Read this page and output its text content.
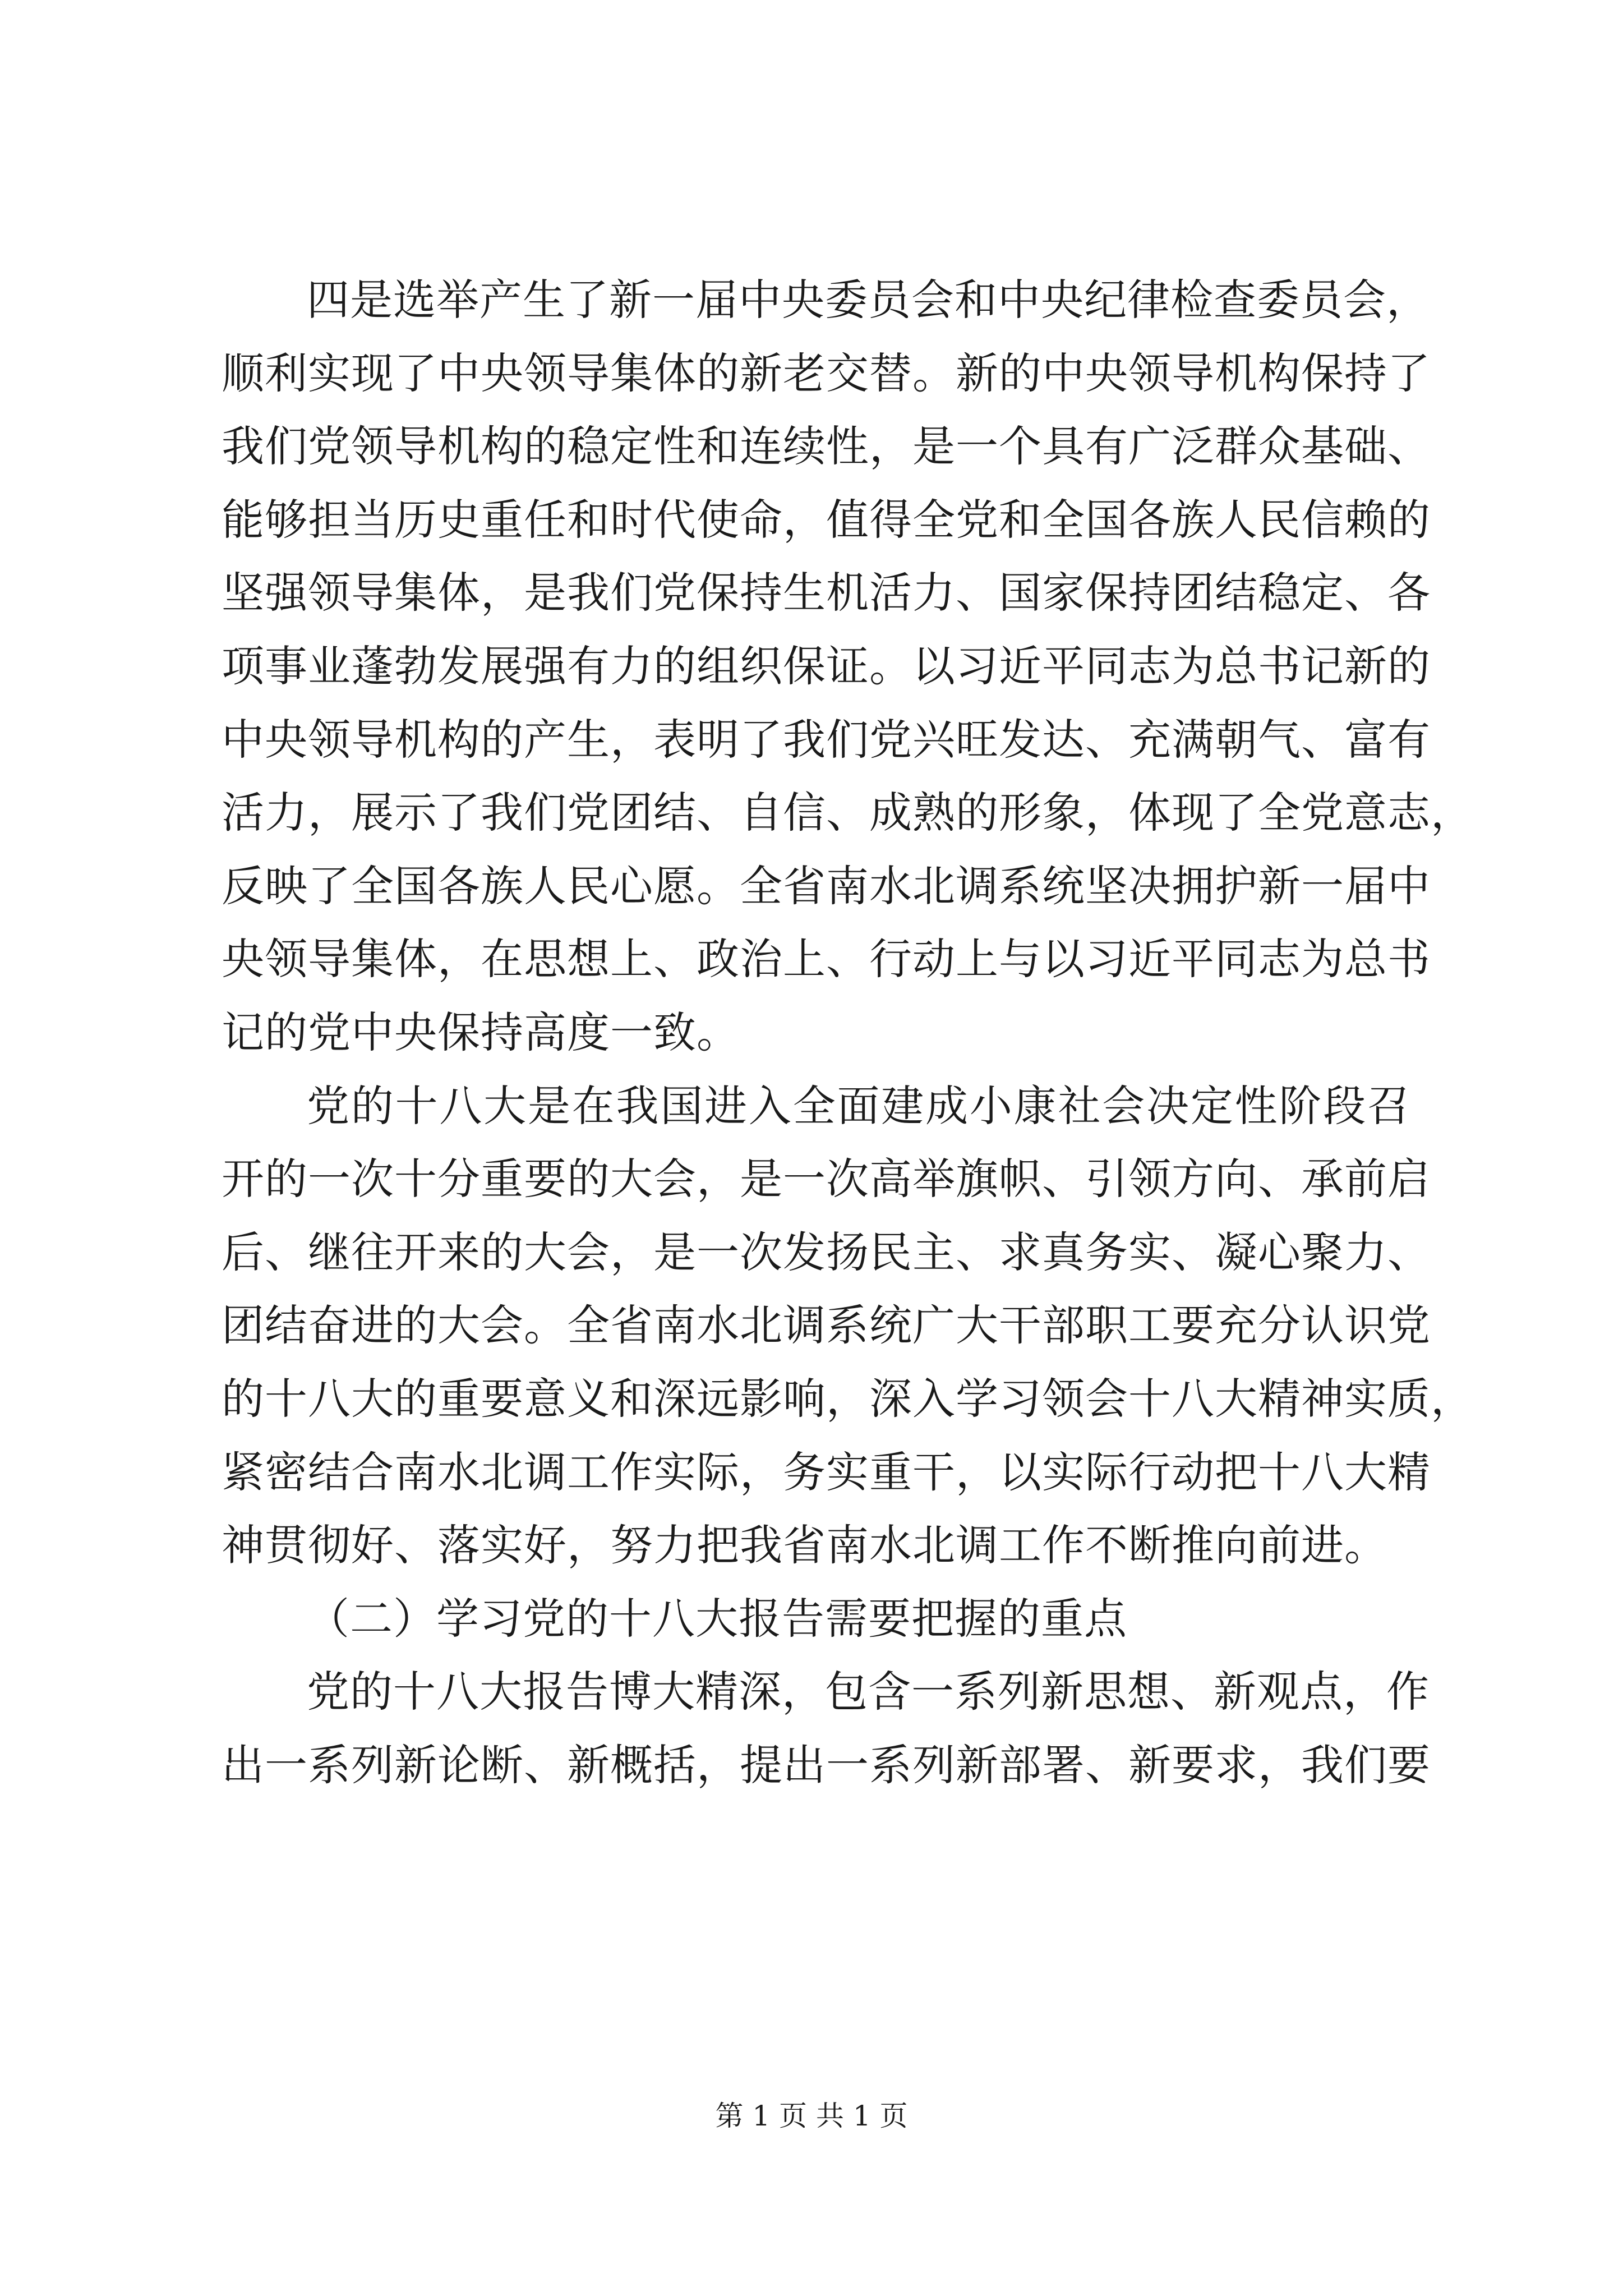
四是选举产生了新一届中央委员会和中央纪律检查委员会，
顺利实现了中央领导集体的新老交替。新的中央领导机构保持了
我们党领导机构的稳定性和连续性，是一个具有广泛群众基础、
能够担当历史重任和时代使命，值得全党和全国各族人民信赖的
坚强领导集体，是我们党保持生机活力、国家保持团结稳定、各
项事业蓬勃发展强有力的组织保证。以习近平同志为总书记新的
中央领导机构的产生，表明了我们党兴旺发达、充满朝气、富有
活力，展示了我们党团结、自信、成熟的形象，体现了全党意志，
反映了全国各族人民心愿。全省南水北调系统坚决拥护新一届中
央领导集体，在思想上、政治上、行动上与以习近平同志为总书
记的党中央保持高度一致。
党的十八大是在我国进入全面建成小康社会决定性阶段召
开的一次十分重要的大会，是一次高举旗帜、引领方向、承前启
后、继往开来的大会，是一次发扬民主、求真务实、凝心聚力、
团结奋进的大会。全省南水北调系统广大干部职工要充分认识党
的十八大的重要意义和深远影响，深入学习领会十八大精神实质，
紧密结合南水北调工作实际，务实重干，以实际行动把十八大精
神贯彻好、落实好，努力把我省南水北调工作不断推向前进。
（二）学习党的十八大报告需要把握的重点
党的十八大报告博大精深，包含一系列新思想、新观点，作
出一系列新论断、新概括，提出一系列新部署、新要求，我们要
第 1 页 共 1 页
